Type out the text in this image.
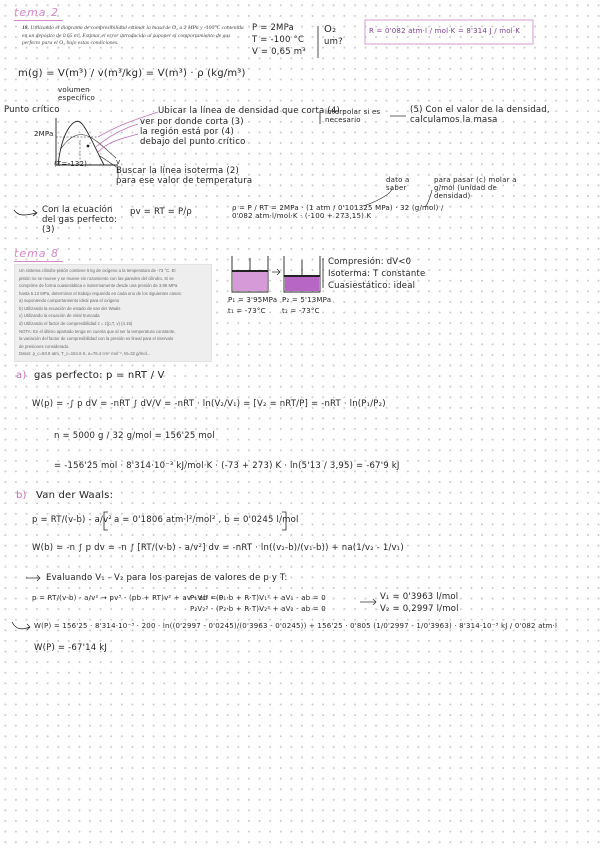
tema 2
18. Utilizando el diagrama de compresibilidad estimar la masa de O₂ a 2 MPa y -100°C contenida en un depósito de 0.65 m³. Estimar el error introducido al suponer el comportamiento de gas perfecto para el O₂ bajo estas condiciones.
P = 2MPa
T = -100 °C
V = 0,65 m³
O₂
um?
R = 0'082 atm·l / mol·K = 8'314 J / mol·K
m(g) = V(m³) / v(m³/kg) = V(m³) · ρ (kg/m³)
volumen específico
Punto crítico
2MPa
(T=-132)	v
Ubicar la línea de densidad que corta (4)
interpolar si es necesario
(5) Con el valor de la densidad, calculamos la masa
ver por donde corta (3)
la región está por (4) debajo del punto crítico
Buscar la línea isoterma (2) para ese valor de temperatura	dato a saber
para pasar (c) molar a g/mol (unidad de densidad)
Con la ecuación del gas perfecto: (3)
pv = RT = P/ρ	ρ = P / RT = 2MPa · (1 atm / 0'101325 MPa) · 32 (g/mol) / 0'082 atm·l/mol·K · (-100 + 273,15) K
tema 8

Un sistema cilindro-pistón contiene 5 kg de oxígeno a la temperatura de -73 °C. El

pistón no se mueve y se mueve sin rozamiento con las paredes del cilindro. Si se

comprime de forma cuasiestática e isotermamente desde una presión de 3.95 MPa

hasta 5.13 MPa, determinar el trabajo requerido en cada uno de los siguientes casos:

a) suponiendo comportamiento ideal para el oxígeno

b) Utilizando la ecuación de estado de van der Waals

c) Utilizando la ecuación de virial truncada

d) Utilizando el factor de compresibilidad z = z(p,T, v) (4.15)

NOTA: En el último apartado tenga en cuenta que al ser la temperatura constante,

la variación del factor de compresibilidad con la presión es lineal para el intervalo

de presiones considerado.

Datos: p_c=50.8 atm, T_c=154.6 K, a=76.4 cm⁶ mol⁻², M=32 g/mol...

P₁ = 3'95MPa
t₁ = -73°C
P₂ = 5'13MPa
t₂ = -73°C
Compresión: dV<0
Isoterma: T constante
Cuasiestático: ideal
a) gas perfecto: p = nRT / V
W(p) = -∫ p dV = -nRT ∫ dV/V = -nRT · ln(V₂/V₁) = [V₂ = nRT/P] = -nRT · ln(P₁/P₂)
n = 5000 g / 32 g/mol = 156'25 mol
= -156'25 mol · 8'314·10⁻³ kJ/mol·K · (-73 + 273) K · ln(5'13 / 3,95) = -67'9 kJ
b) Van der Waals:
p = RT/(v-b) - a/v² a = 0'1806 atm·l²/mol² , b = 0'0245 l/mol
W(b) = -n ∫ p dv = -n ∫ [RT/(v-b) - a/v²] dv = -nRT · ln((v₂-b)/(v₁-b)) + na(1/v₂ - 1/v₁)
Evaluando V₁ - V₂ para los parejas de valores de p y T:
p = RT/(v-b) - a/v² → pv³ - (pb + RT)v² + av - ab = 0
P₁V₁³ - (P₁·b + R·T)V₁² + aV₁ - ab = 0
P₂V₂³ - (P₂·b + R·T)V₂² + aV₂ - ab = 0
V₁ = 0'3963 l/mol
V₂ = 0,2997 l/mol
W(P) = 156'25 · 8'314·10⁻³ · 200 · ln((0'2997 - 0'0245)/(0'3963 - 0'0245)) + 156'25 · 0'805 (1/0'2997 - 1/0'3963) · 8'314·10⁻³ kJ / 0'082 atm·l
W(P) = -67'14 kJ
